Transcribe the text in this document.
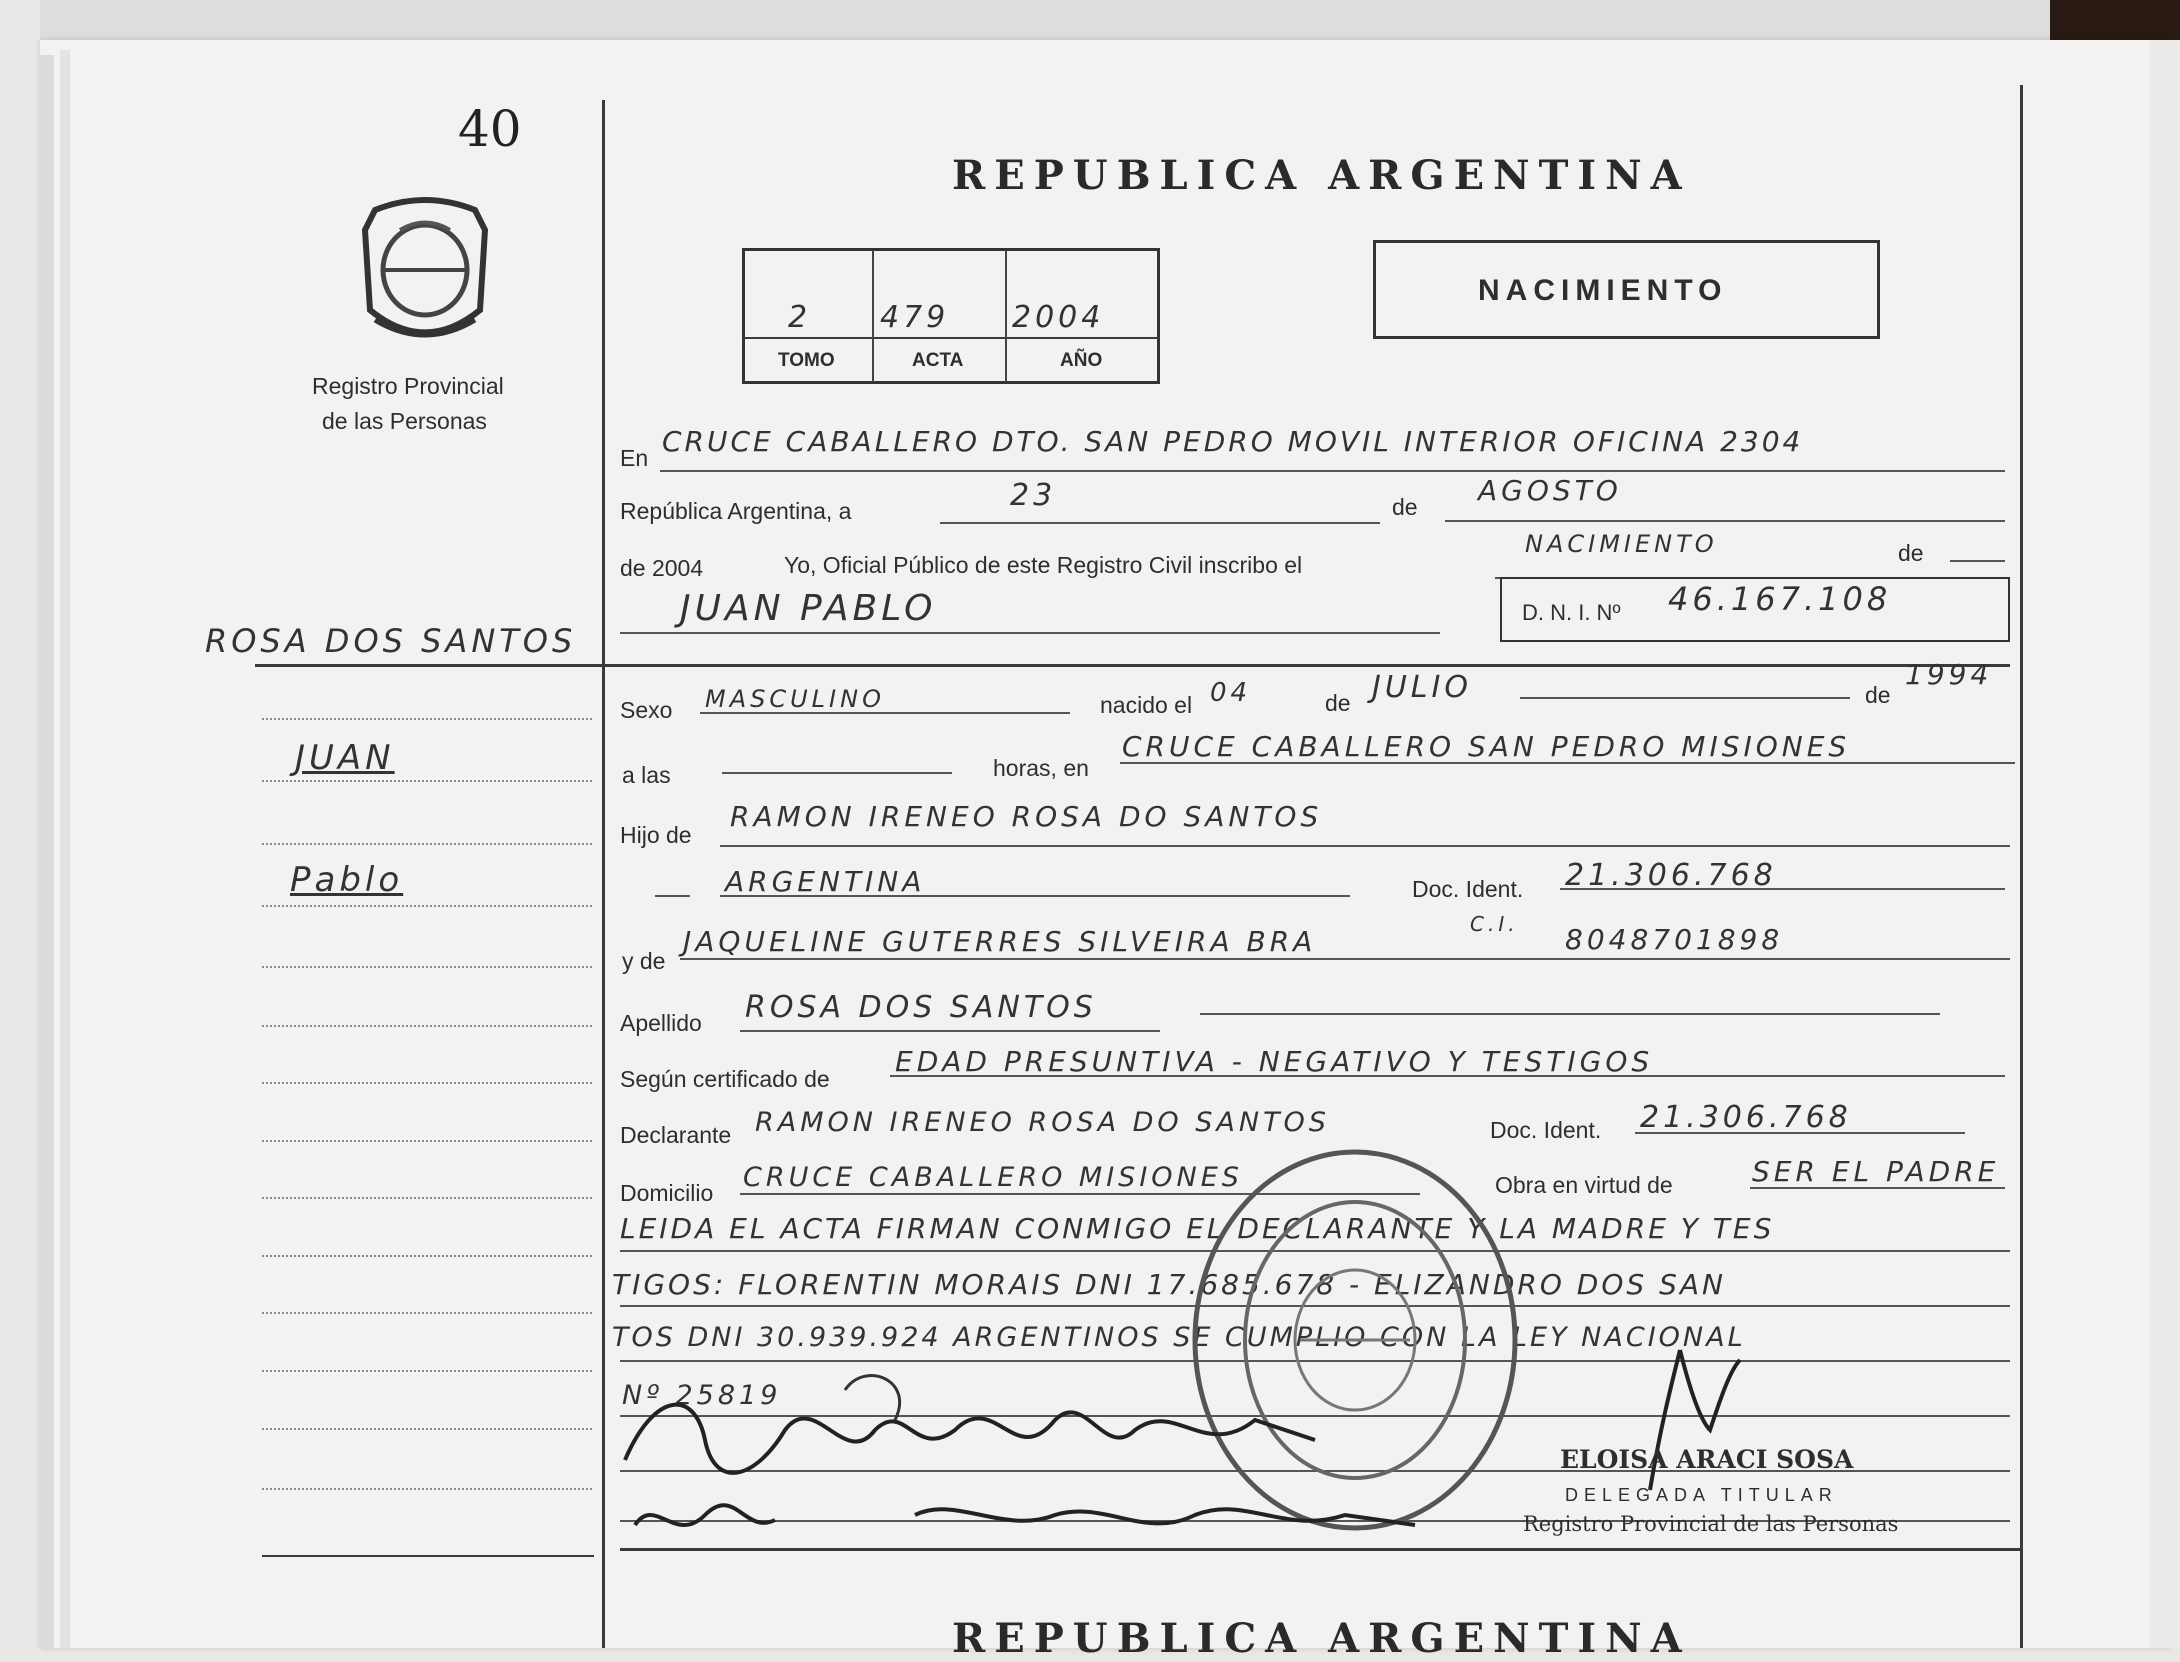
40
Registro Provincial
de las Personas
ROSA DOS SANTOS
JUAN
Pablo
REPUBLICA ARGENTINA
2 479 2004
TOMO	ACTA	AÑO
NACIMIENTO
En CRUCE CABALLERO DTO. SAN PEDRO MOVIL INTERIOR OFICINA 2304
República Argentina, a	23	de AGOSTO
de 2004	Yo, Oficial Público de este Registro Civil inscribo el
NACIMIENTO	de
JUAN PABLO	D. N. I. Nº 46.167.108
Sexo MASCULINO	nacido el 04	de JULIO	de
1994
a las	horas, en
CRUCE CABALLERO SAN PEDRO MISIONES
Hijo de
RAMON IRENEO ROSA DO SANTOS
ARGENTINA	Doc. Ident. 21.306.768
y de
JAQUELINE GUTERRES SILVEIRA BRA
C.I. 8048701898
Apellido ROSA DOS SANTOS
Según certificado de
EDAD PRESUNTIVA - NEGATIVO Y TESTIGOS
Declarante RAMON IRENEO ROSA DO SANTOS	Doc. Ident. 21.306.768
Domicilio CRUCE CABALLERO MISIONES	Obra en virtud de	SER EL PADRE
LEIDA EL ACTA FIRMAN CONMIGO EL DECLARANTE Y LA MADRE Y TES
TIGOS: FLORENTIN MORAIS DNI 17.685.678 - ELIZANDRO DOS SAN
TOS DNI 30.939.924 ARGENTINOS SE CUMPLIO CON LA LEY NACIONAL
Nº 25819
ELOISA ARACI SOSA
DELEGADA TITULAR
Registro Provincial de las Personas
REPUBLICA ARGENTINA
